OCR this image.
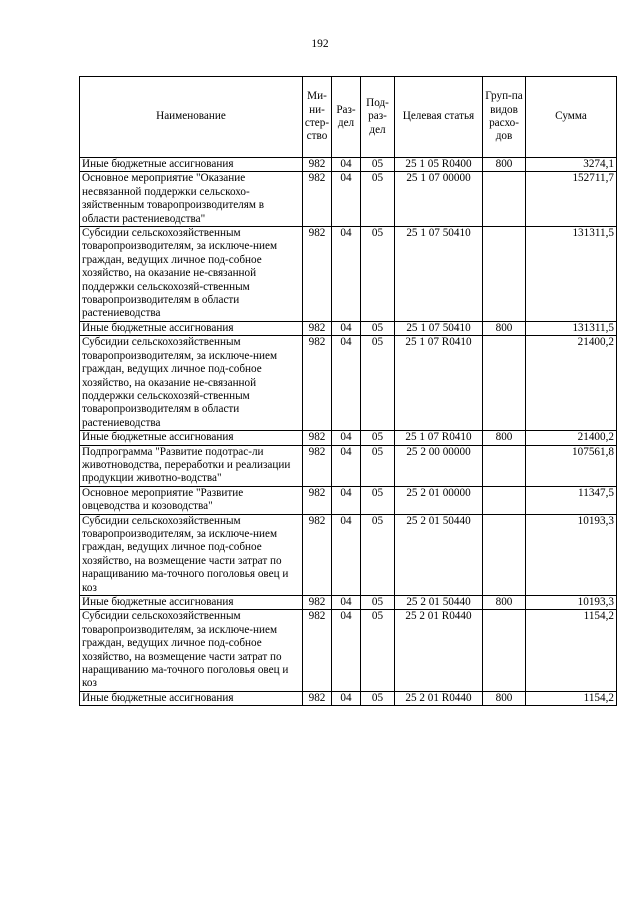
192
Наименование	Ми-ни-стер-ство	Раз-дел	Под-раз-дел	Целевая статья	Груп-па видов расхо-дов	Сумма
Иные бюджетные ассигнования	982	04	05	25 1 05 R0400	800	3274,1
Основное мероприятие "Оказание несвязанной поддержки сельскохо-зяйственным товаропроизводителям в области растениеводства"	982	04	05	25 1 07 00000		152711,7
Субсидии сельскохозяйственным товаропроизводителям, за исключе-нием граждан, ведущих личное под-собное хозяйство, на оказание не-связанной поддержки сельскохозяй-ственным товаропроизводителям в области растениеводства	982	04	05	25 1 07 50410		131311,5
Иные бюджетные ассигнования	982	04	05	25 1 07 50410	800	131311,5
Субсидии сельскохозяйственным товаропроизводителям, за исключе-нием граждан, ведущих личное под-собное хозяйство, на оказание не-связанной поддержки сельскохозяй-ственным товаропроизводителям в области растениеводства	982	04	05	25 1 07 R0410		21400,2
Иные бюджетные ассигнования	982	04	05	25 1 07 R0410	800	21400,2
Подпрограмма "Развитие подотрас-ли животноводства, переработки и реализации продукции животно-водства"	982	04	05	25 2 00 00000		107561,8
Основное мероприятие "Развитие овцеводства и козоводства"	982	04	05	25 2 01 00000		11347,5
Субсидии сельскохозяйственным товаропроизводителям, за исключе-нием граждан, ведущих личное под-собное хозяйство, на возмещение части затрат по наращиванию ма-точного поголовья овец и коз	982	04	05	25 2 01 50440		10193,3
Иные бюджетные ассигнования	982	04	05	25 2 01 50440	800	10193,3
Субсидии сельскохозяйственным товаропроизводителям, за исключе-нием граждан, ведущих личное под-собное хозяйство, на возмещение части затрат по наращиванию ма-точного поголовья овец и коз	982	04	05	25 2 01 R0440		1154,2
Иные бюджетные ассигнования	982	04	05	25 2 01 R0440	800	1154,2
